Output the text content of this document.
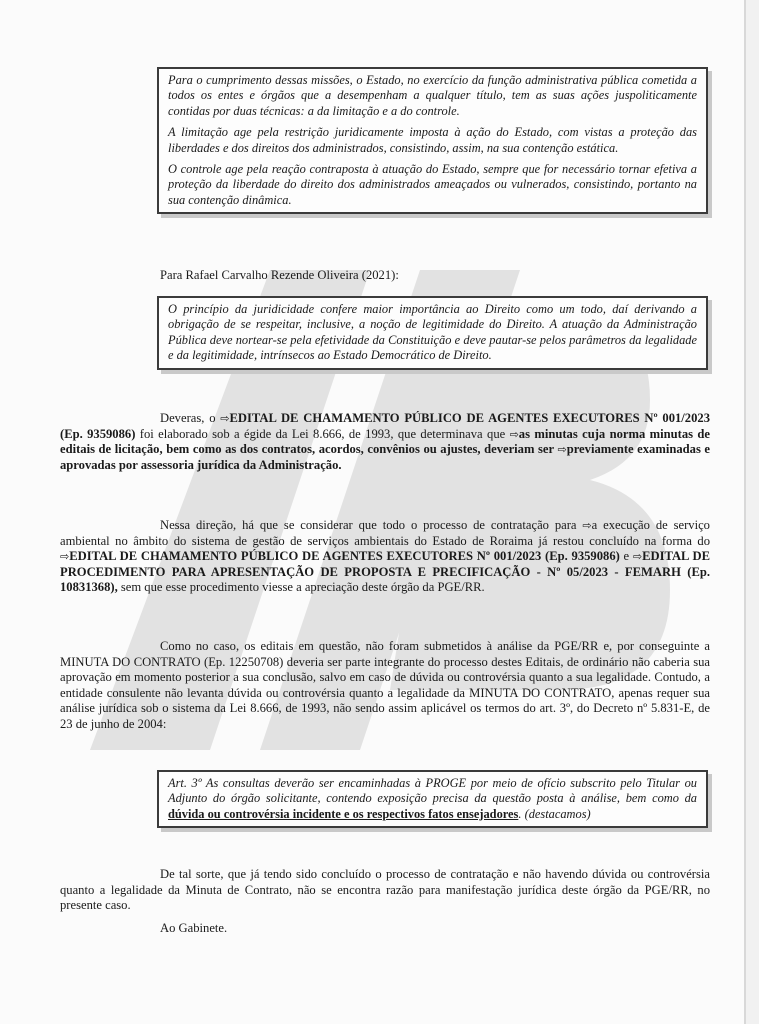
Para o cumprimento dessas missões, o Estado, no exercício da função administrativa pública cometida a todos os entes e órgãos que a desempenham a qualquer título, tem as suas ações juspoliticamente contidas por duas técnicas: a da limitação e a do controle.

A limitação age pela restrição juridicamente imposta à ação do Estado, com vistas a proteção das liberdades e dos direitos dos administrados, consistindo, assim, na sua contenção estática.

O controle age pela reação contraposta à atuação do Estado, sempre que for necessário tornar efetiva a proteção da liberdade do direito dos administrados ameaçados ou vulnerados, consistindo, portanto na sua contenção dinâmica.

Para Rafael Carvalho Rezende Oliveira (2021):

O princípio da juridicidade confere maior importância ao Direito como um todo, daí derivando a obrigação de se respeitar, inclusive, a noção de legitimidade do Direito. A atuação da Administração Pública deve nortear-se pela efetividade da Constituição e deve pautar-se pelos parâmetros da legalidade e da legitimidade, intrínsecos ao Estado Democrático de Direito.

Deveras, o ⇨EDITAL DE CHAMAMENTO PÚBLICO DE AGENTES EXECUTORES Nº 001/2023 (Ep. 9359086) foi elaborado sob a égide da Lei 8.666, de 1993, que determinava que ⇨as minutas cuja norma minutas de editais de licitação, bem como as dos contratos, acordos, convênios ou ajustes, deveriam ser ⇨previamente examinadas e aprovadas por assessoria jurídica da Administração.
Nessa direção, há que se considerar que todo o processo de contratação para ⇨a execução de serviço ambiental no âmbito do sistema de gestão de serviços ambientais do Estado de Roraima já restou concluído na forma do ⇨EDITAL DE CHAMAMENTO PÚBLICO DE AGENTES EXECUTORES Nº 001/2023 (Ep. 9359086) e ⇨EDITAL DE PROCEDIMENTO PARA APRESENTAÇÃO DE PROPOSTA E PRECIFICAÇÃO - Nº 05/2023 - FEMARH (Ep. 10831368), sem que esse procedimento viesse a apreciação deste órgão da PGE/RR.
Como no caso, os editais em questão, não foram submetidos à análise da PGE/RR e, por conseguinte a MINUTA DO CONTRATO (Ep. 12250708) deveria ser parte integrante do processo destes Editais, de ordinário não caberia sua aprovação em momento posterior a sua conclusão, salvo em caso de dúvida ou controvérsia quanto a sua legalidade. Contudo, a entidade consulente não levanta dúvida ou controvérsia quanto a legalidade da MINUTA DO CONTRATO, apenas requer sua análise jurídica sob o sistema da Lei 8.666, de 1993, não sendo assim aplicável os termos do art. 3º, do Decreto nº 5.831-E, de 23 de junho de 2004:

Art. 3º As consultas deverão ser encaminhadas à PROGE por meio de ofício subscrito pelo Titular ou Adjunto do órgão solicitante, contendo exposição precisa da questão posta à análise, bem como da dúvida ou controvérsia incidente e os respectivos fatos ensejadores. (destacamos)

De tal sorte, que já tendo sido concluído o processo de contratação e não havendo dúvida ou controvérsia quanto a legalidade da Minuta de Contrato, não se encontra razão para manifestação jurídica deste órgão da PGE/RR, no presente caso.
Ao Gabinete.
